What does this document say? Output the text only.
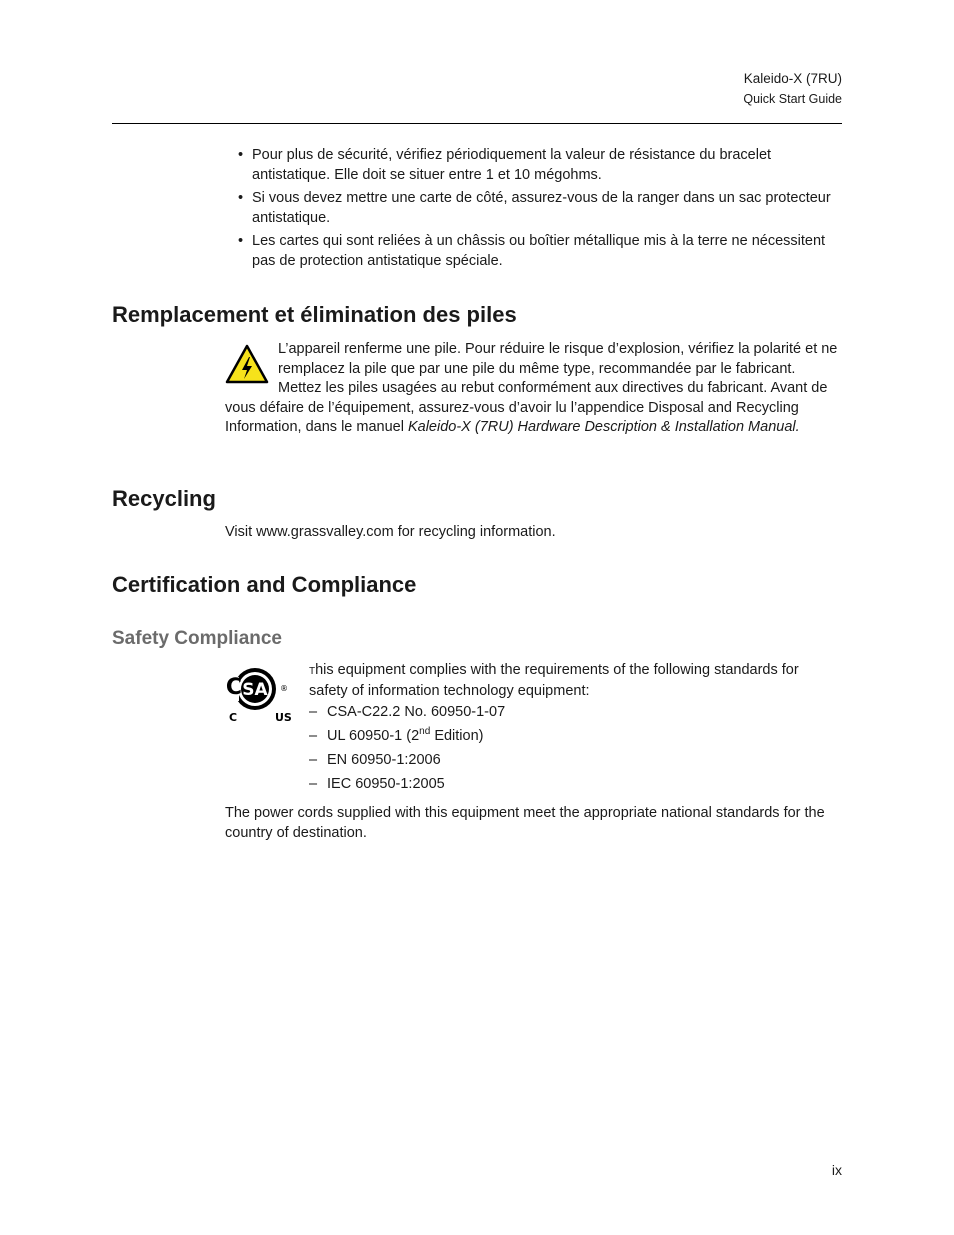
Kaleido-X (7RU)
Quick Start Guide
• Pour plus de sécurité, vérifiez périodiquement la valeur de résistance du bracelet antistatique. Elle doit se situer entre 1 et 10 mégohms.
• Si vous devez mettre une carte de côté, assurez-vous de la ranger dans un sac protecteur antistatique.
• Les cartes qui sont reliées à un châssis ou boîtier métallique mis à la terre ne nécessitent pas de protection antistatique spéciale.
Remplacement et élimination des piles
L’appareil renferme une pile. Pour réduire le risque d’explosion, vérifiez la polarité et ne remplacez la pile que par une pile du même type, recommandée par le fabricant. Mettez les piles usagées au rebut conformément aux directives du fabricant. Avant de vous défaire de l’équipement, assurez-vous d’avoir lu l’appendice Disposal and Recycling Information, dans le manuel Kaleido-X (7RU) Hardware Description & Installation Manual.
Recycling
Visit www.grassvalley.com for recycling information.
Certification and Compliance
Safety Compliance
SA
C	®
C	US
This equipment complies with the requirements of the following standards for safety of information technology equipment:
– CSA-C22.2 No. 60950-1-07
– UL 60950-1 (2nd Edition)
– EN 60950-1:2006
– IEC 60950-1:2005
The power cords supplied with this equipment meet the appropriate national standards for the country of destination.
ix
